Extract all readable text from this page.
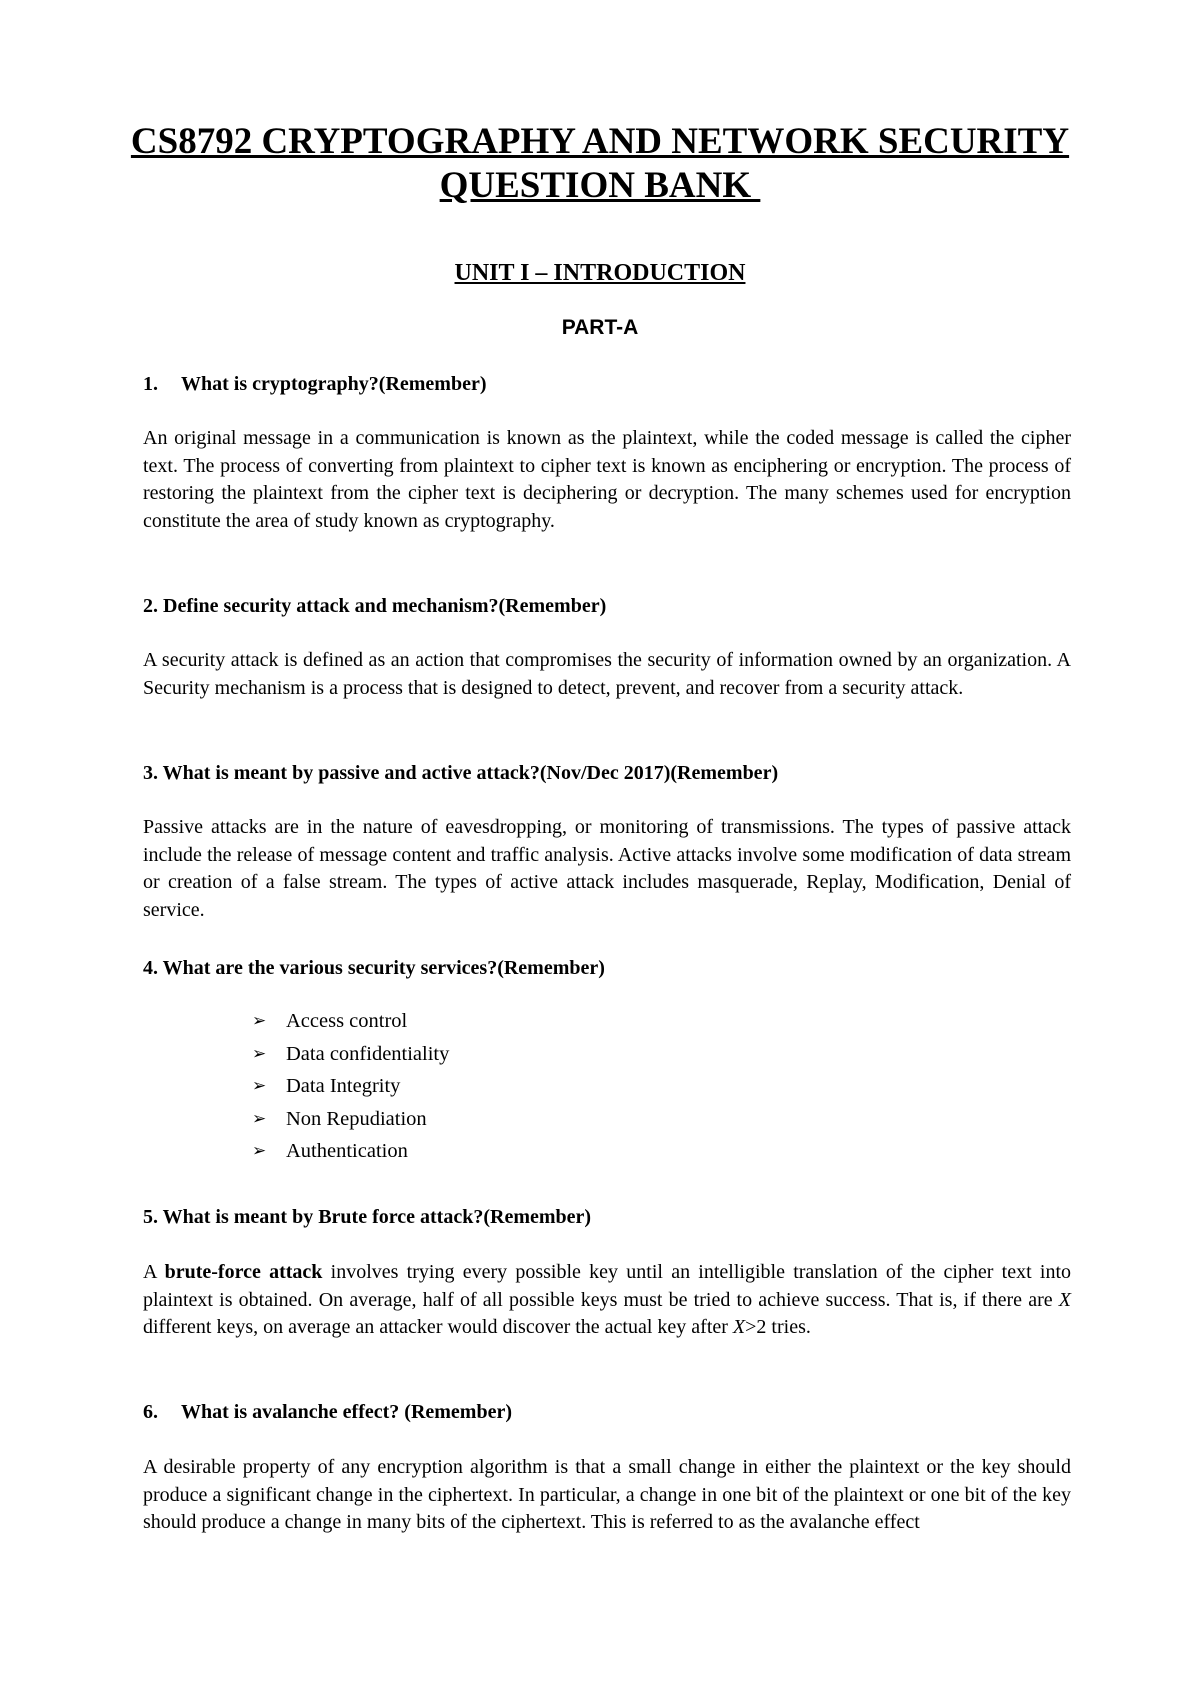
CS8792 CRYPTOGRAPHY AND NETWORK SECURITY
QUESTION BANK
UNIT I – INTRODUCTION
PART-A
1. What is cryptography?(Remember)
An original message in a communication is known as the plaintext, while the coded message is called the cipher text. The process of converting from plaintext to cipher text is known as enciphering or encryption. The process of restoring the plaintext from the cipher text is deciphering or decryption. The many schemes used for encryption constitute the area of study known as cryptography.
2. Define security attack and mechanism?(Remember)
A security attack is defined as an action that compromises the security of information owned by an organization. A Security mechanism is a process that is designed to detect, prevent, and recover from a security attack.
3. What is meant by passive and active attack?(Nov/Dec 2017)(Remember)
Passive attacks are in the nature of eavesdropping, or monitoring of transmissions. The types of passive attack include the release of message content and traffic analysis. Active attacks involve some modification of data stream or creation of a false stream. The types of active attack includes masquerade, Replay, Modification, Denial of service.
4. What are the various security services?(Remember)
➢ Access control
➢ Data confidentiality
➢ Data Integrity
➢ Non Repudiation
➢ Authentication
5. What is meant by Brute force attack?(Remember)
A brute-force attack involves trying every possible key until an intelligible translation of the cipher text into plaintext is obtained. On average, half of all possible keys must be tried to achieve success. That is, if there are X different keys, on average an attacker would discover the actual key after X>2 tries.
6. What is avalanche effect? (Remember)
A desirable property of any encryption algorithm is that a small change in either the plaintext or the key should produce a significant change in the ciphertext. In particular, a change in one bit of the plaintext or one bit of the key should produce a change in many bits of the ciphertext. This is referred to as the avalanche effect
